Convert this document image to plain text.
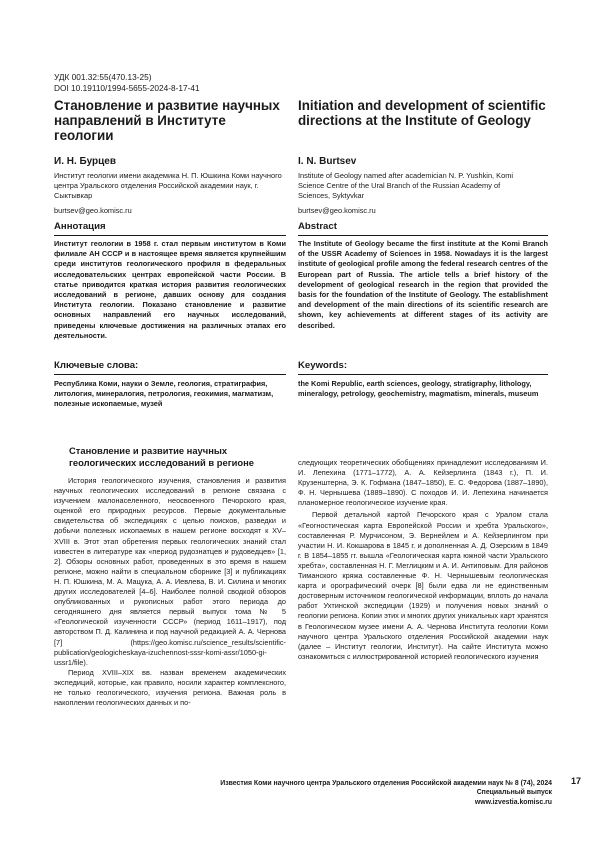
УДК 001.32:55(470.13-25)
DOI 10.19110/1994-5655-2024-8-17-41
Становление и развитие научных направлений в Институте геологии
Initiation and development of scientific directions at the Institute of Geology
И. Н. Бурцев	I. N. Burtsev
Институт геологии имени академика Н. П. Юшкина Коми научного центра Уральского отделения Российской академии наук, г. Сыктывкар
Institute of Geology named after academician N. P. Yushkin, Komi Science Centre of the Ural Branch of the Russian Academy of Sciences, Syktyvkar
burtsev@geo.komisc.ru	burtsev@geo.komisc.ru
Аннотация	Abstract
Институт геологии в 1958 г. стал первым институтом в Коми филиале АН СССР и в настоящее время является крупнейшим среди институтов геологического профиля в федеральных исследовательских центрах европейской части России. В статье приводится краткая история развития геологических исследований в регионе, давших основу для создания Института геологии. Показано становление и развитие основных направлений его научных исследований, приведены ключевые достижения на различных этапах его деятельности.
The Institute of Geology became the first institute at the Komi Branch of the USSR Academy of Sciences in 1958. Nowadays it is the largest institute of geological profile among the federal research centres of the European part of Russia. The article tells a brief history of the development of geological research in the region that provided the basis for the foundation of the Institute of Geology. The establishment and development of the main directions of its scientific research are shown, key achievements at different stages of its activity are described.
Ключевые слова:	Keywords:
Республика Коми, науки о Земле, геология, стратиграфия, литология, минералогия, петрология, геохимия, магматизм, полезные ископаемые, музей
the Komi Republic, earth sciences, geology, stratigraphy, lithology, mineralogy, petrology, geochemistry, magmatism, minerals, museum
Становление и развитие научных геологических исследований в регионе

История геологического изучения, становления и развития научных геологических исследований в регионе связана с изучением малонаселенного, неосвоенного Печорского края, оценкой его природных ресурсов. Первые документальные свидетельства об экспедициях с целью поисков, разведки и добычи полезных ископаемых в нашем регионе восходят к XV–XVIII в. Этот этап обретения первых геологических знаний стал известен в литературе как «период рудознатцев и рудоведцев» [1, 2]. Обзоры основных работ, проведенных в это время в нашем регионе, можно найти в специальном сборнике [3] и публикациях Н. П. Юшкина, М. А. Мацука, А. А. Иевлева, В. И. Силина и многих других исследователей [4–6]. Наиболее полной сводкой обзоров опубликованных и рукописных работ этого периода до сегодняшнего дня является первый выпуск тома № 5 «Геологической изученности СССР» (период 1611–1917), под авторством П. Д. Калинина и под научной редакцией А. А. Чернова [7] (https://geo.komisc.ru/science_results/scientific-publication/geologicheskaya-izuchennost-sssr-komi-assr/1050-gi-ussr1/file).

Период XVIII–XIX вв. назван временем академических экспедиций, которые, как правило, носили характер комплексного, не только геологического, изучения региона. Важная роль в накоплении геологических данных и по-

следующих теоретических обобщениях принадлежит исследованиям И. И. Лепехина (1771–1772), А. А. Кейзерлинга (1843 г.), П. И. Крузенштерна, Э. К. Гофмана (1847–1850), Е. С. Федорова (1887–1890), Ф. Н. Чернышева (1889–1890). С походов И. И. Лепехина начинается планомерное геологическое изучение края.

Первой детальной картой Печорского края с Уралом стала «Геогностическая карта Европейской России и хребта Уральского», составленная Р. Мурчисоном, Э. Вернейлем и А. Кейзерлингом при участии Н. И. Кокшарова в 1845 г. и дополненная А. Д. Озерским в 1849 г. В 1854–1855 гг. вышла «Геологическая карта южной части Уральского хребта», составленная Н. Г. Меглицким и А. И. Антиповым. Для районов Тиманского кряжа составленные Ф. Н. Чернышевым геологическая карта и орографический очерк [8] были едва ли не единственным достоверным источником геологической информации, вплоть до начала работ Ухтинской экспедиции (1929) и получения новых знаний о геологии региона. Копии этих и многих других уникальных карт хранятся в Геологическом музее имени А. А. Чернова Института геологии Коми научного центра Уральского отделения Российской академии наук (далее – Институт геологии, Институт). На сайте Института можно ознакомиться с иллюстрированной историей геологического изучения

Известия Коми научного центра Уральского отделения Российской академии наук № 8 (74), 2024
Специальный выпуск
www.izvestia.komisc.ru
17
